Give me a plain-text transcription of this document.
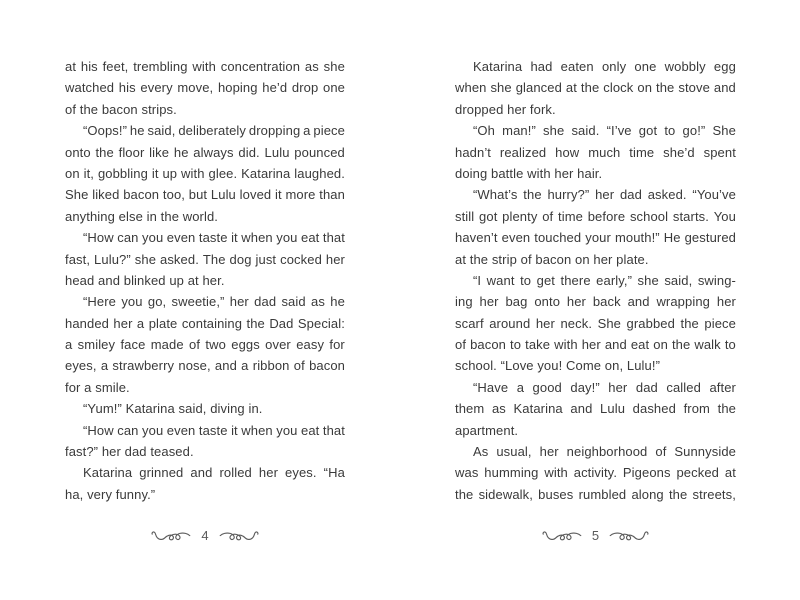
at his feet, trembling with concentration as she
watched his every move, hoping he’d drop one
of the bacon strips.
“Oops!” he said, deliberately dropping a piece
onto the floor like he always did. Lulu pounced
on it, gobbling it up with glee. Katarina laughed.
She liked bacon too, but Lulu loved it more than
anything else in the world.
“How can you even taste it when you eat that
fast, Lulu?” she asked. The dog just cocked her
head and blinked up at her.
“Here you go, sweetie,” her dad said as he
handed her a plate containing the Dad Special:
a smiley face made of two eggs over easy for
eyes, a strawberry nose, and a ribbon of bacon
for a smile.
“Yum!” Katarina said, diving in.
“How can you even taste it when you eat that
fast?” her dad teased.
Katarina grinned and rolled her eyes. “Ha
ha, very funny.”
4
Katarina had eaten only one wobbly egg
when she glanced at the clock on the stove and
dropped her fork.
“Oh man!” she said. “I’ve got to go!” She
hadn’t realized how much time she’d spent
doing battle with her hair.
“What’s the hurry?” her dad asked. “You’ve
still got plenty of time before school starts. You
haven’t even touched your mouth!” He gestured
at the strip of bacon on her plate.
“I want to get there early,” she said, swing-
ing her bag onto her back and wrapping her
scarf around her neck. She grabbed the piece
of bacon to take with her and eat on the walk to
school. “Love you! Come on, Lulu!”
“Have a good day!” her dad called after
them as Katarina and Lulu dashed from the
apartment.
As usual, her neighborhood of Sunnyside
was humming with activity. Pigeons pecked at
the sidewalk, buses rumbled along the streets,
5
